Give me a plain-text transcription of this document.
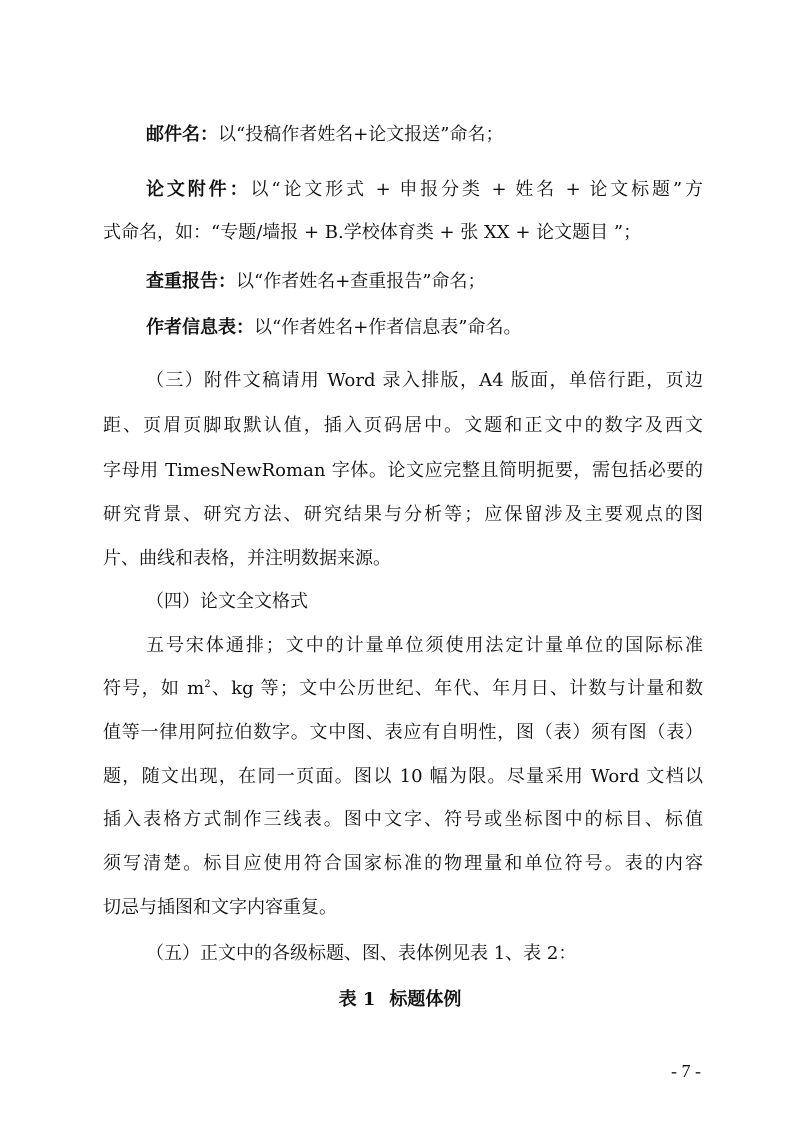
邮件名：以“投稿作者姓名+论文报送”命名；
论文附件：以“论文形式 + 申报分类 + 姓名 + 论文标题”方
式命名，如：“专题/墙报 + B.学校体育类 + 张 XX + 论文题目 ”；
查重报告：以“作者姓名+查重报告”命名；
作者信息表：以“作者姓名+作者信息表”命名。
（三）附件文稿请用 Word 录入排版，A4 版面，单倍行距，页边
距、页眉页脚取默认值，插入页码居中。文题和正文中的数字及西文
字母用 TimesNewRoman 字体。论文应完整且简明扼要，需包括必要的
研究背景、研究方法、研究结果与分析等；应保留涉及主要观点的图
片、曲线和表格，并注明数据来源。
（四）论文全文格式
五号宋体通排；文中的计量单位须使用法定计量单位的国际标准
符号，如 $m^2$、kg 等；文中公历世纪、年代、年月日、计数与计量和数
值等一律用阿拉伯数字。文中图、表应有自明性，图（表）须有图（表）
题，随文出现，在同一页面。图以 10 幅为限。尽量采用 Word 文档以
插入表格方式制作三线表。图中文字、符号或坐标图中的标目、标值
须写清楚。标目应使用符合国家标准的物理量和单位符号。表的内容
切忌与插图和文字内容重复。
（五）正文中的各级标题、图、表体例见表 1、表 2：
表 1 标题体例
- 7 -
